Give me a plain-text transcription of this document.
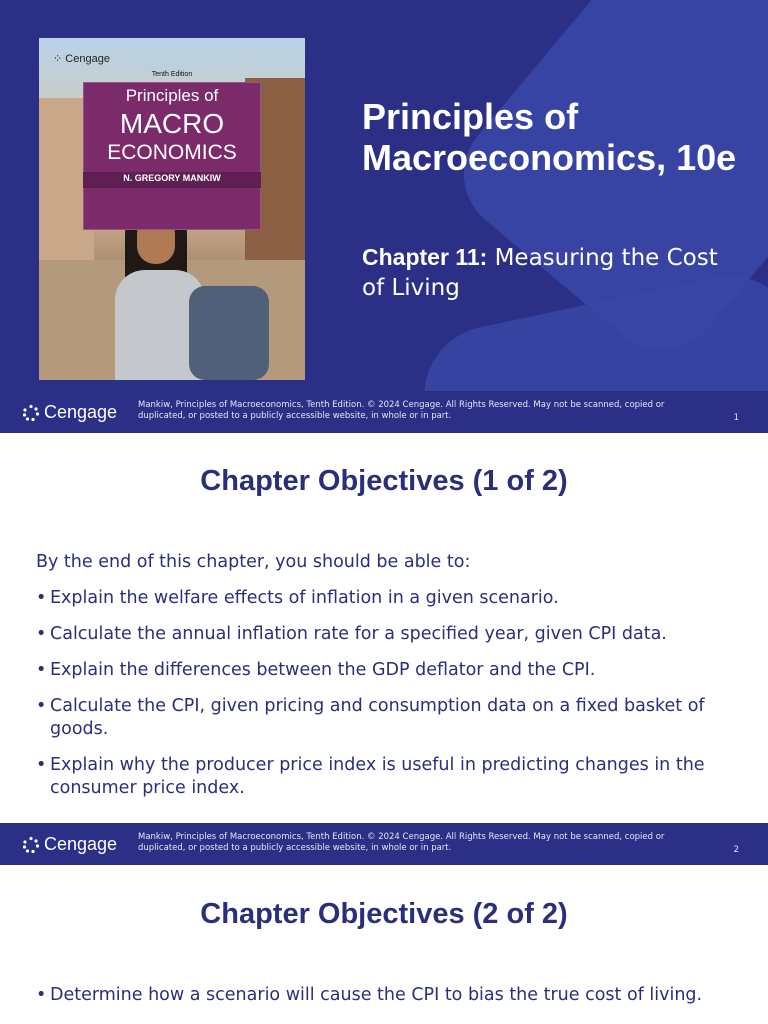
⁘ Cengage
Tenth Edition
Principles of
MACRO
ECONOMICS
N. GREGORY MANKIW
Principles of Macroeconomics, 10e

Chapter 11: Measuring the Cost of Living

Cengage Mankiw, Principles of Macroeconomics, Tenth Edition. © 2024 Cengage. All Rights Reserved. May not be scanned, copied or duplicated, or posted to a publicly accessible website, in whole or in part.	1
Chapter Objectives (1 of 2)

By the end of this chapter, you should be able to:

• Explain the welfare effects of inflation in a given scenario.
• Calculate the annual inflation rate for a specified year, given CPI data.
• Explain the differences between the GDP deflator and the CPI.
• Calculate the CPI, given pricing and consumption data on a fixed basket of goods.
• Explain why the producer price index is useful in predicting changes in the consumer price index.
Cengage Mankiw, Principles of Macroeconomics, Tenth Edition. © 2024 Cengage. All Rights Reserved. May not be scanned, copied or duplicated, or posted to a publicly accessible website, in whole or in part.	2
Chapter Objectives (2 of 2)
• Determine how a scenario will cause the CPI to bias the true cost of living.
